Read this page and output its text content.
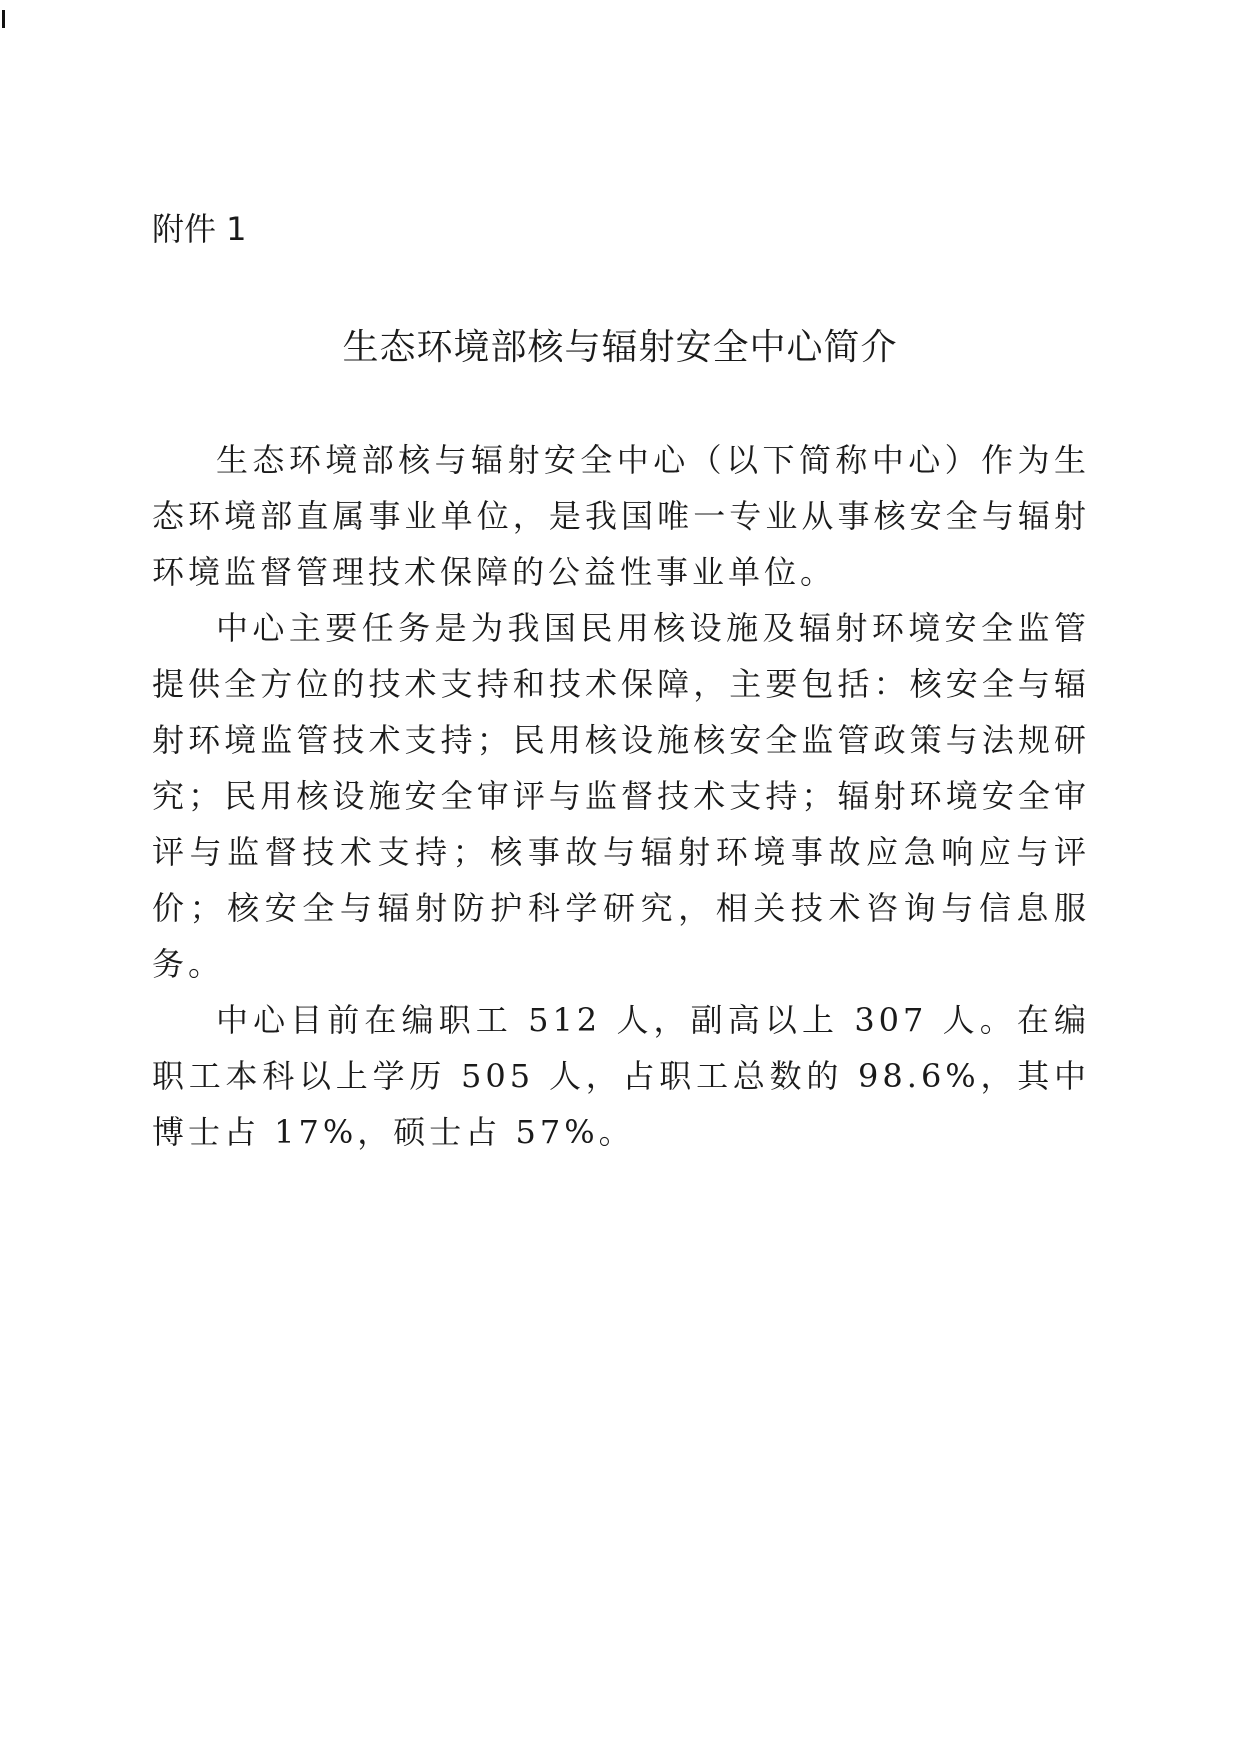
附件 1
生态环境部核与辐射安全中心简介

生态环境部核与辐射安全中心（以下简称中心）作为生态环境部直属事业单位，是我国唯一专业从事核安全与辐射环境监督管理技术保障的公益性事业单位。

中心主要任务是为我国民用核设施及辐射环境安全监管提供全方位的技术支持和技术保障，主要包括：核安全与辐射环境监管技术支持；民用核设施核安全监管政策与法规研究；民用核设施安全审评与监督技术支持；辐射环境安全审评与监督技术支持；核事故与辐射环境事故应急响应与评价；核安全与辐射防护科学研究，相关技术咨询与信息服务。

中心目前在编职工 512 人，副高以上 307 人。在编职工本科以上学历 505 人，占职工总数的 98.6%，其中博士占 17%，硕士占 57%。
